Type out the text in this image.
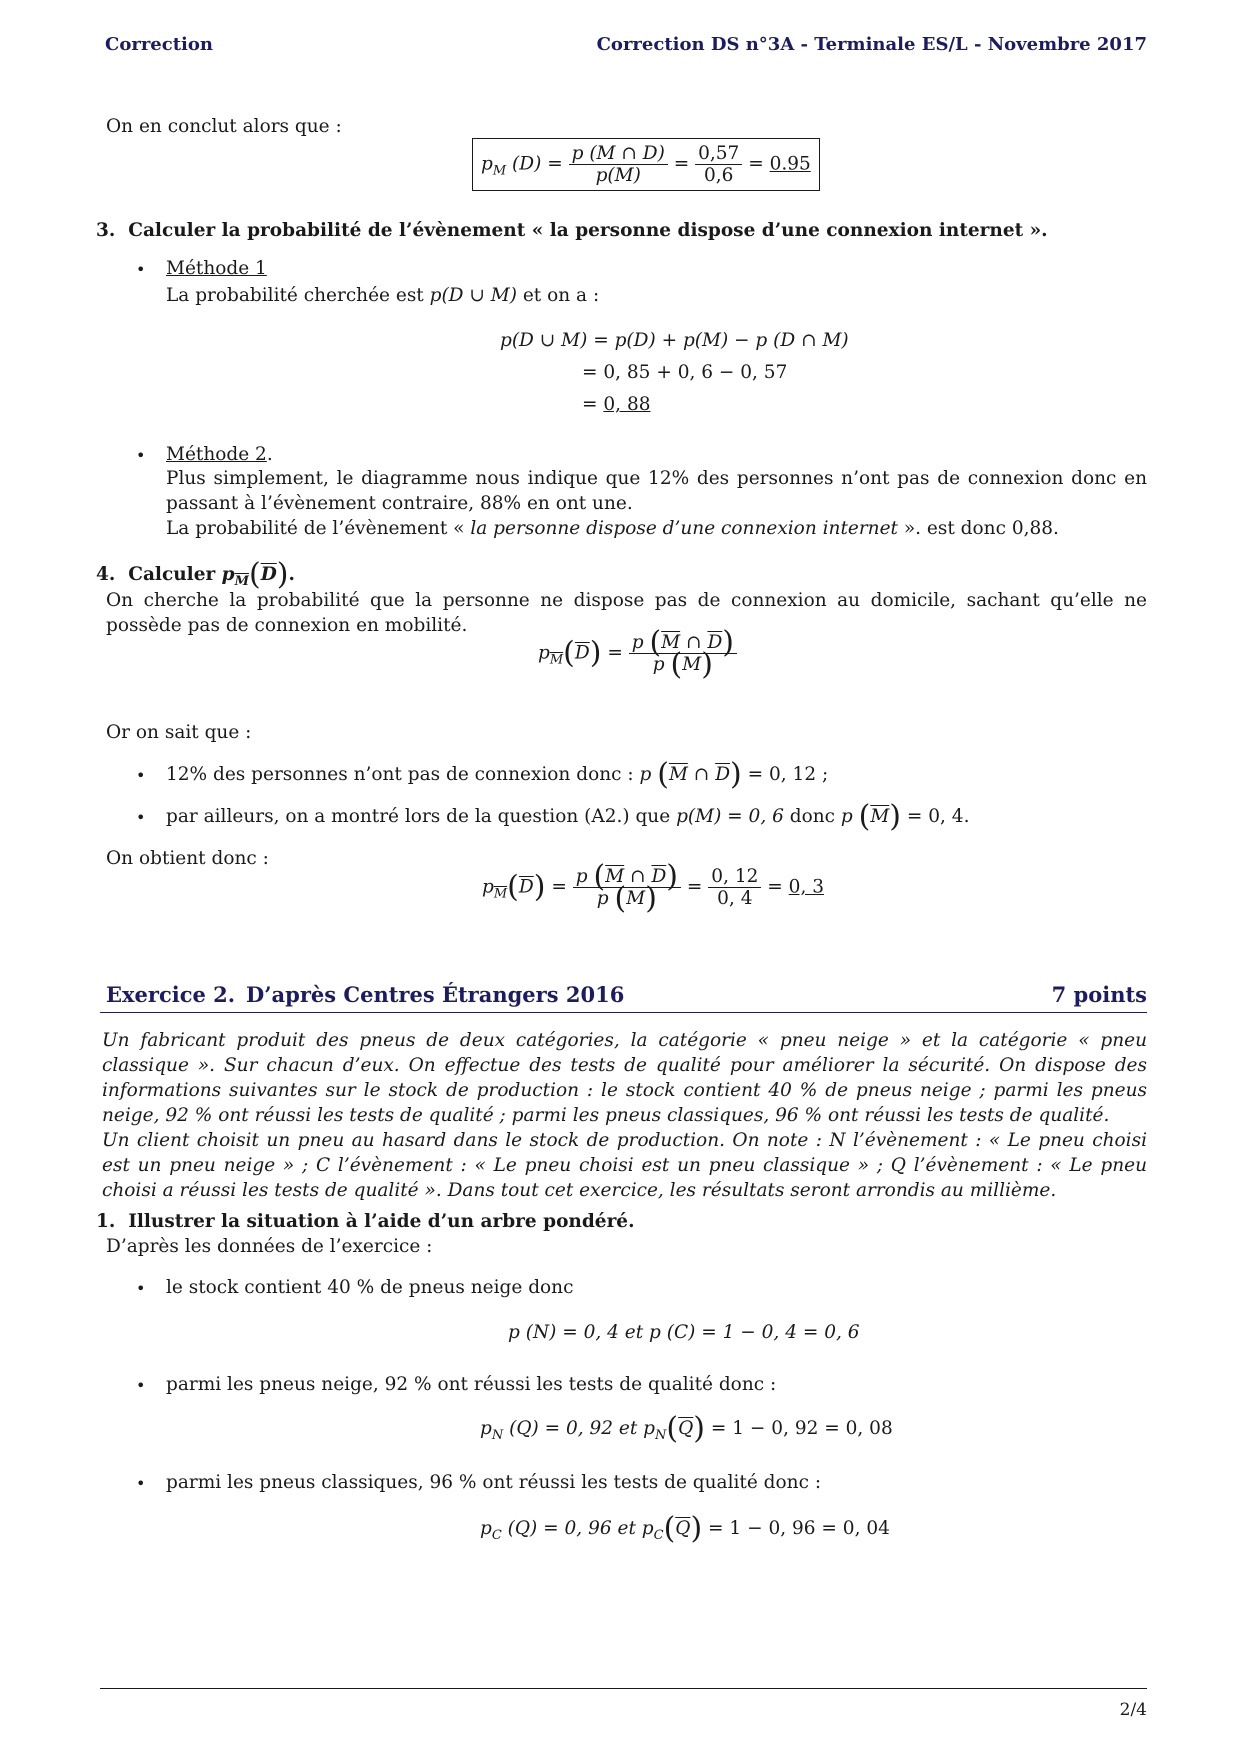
Correction	Correction DS n°3A - Terminale ES/L - Novembre 2017
On en conclut alors que :
$p_M$ $(D) = \frac{p (M \cap D)}{p(M)} = \frac{0,57}{0,6} = 0.95$
3. Calculer la probabilité de l’évènement « la personne dispose d’une connexion internet ».
• Méthode 1
La probabilité cherchée est p(D ∪ M) et on a :
p(D ∪ M) = p(D) + p(M) − p (D ∩ M)
= 0, 85 + 0, 6 − 0, 57
= 0, 88
• Méthode 2.
Plus simplement, le diagramme nous indique que 12% des personnes n’ont pas de connexion donc en passant à l’évènement contraire, 88% en ont une.
La probabilité de l’évènement « la personne dispose d’une connexion internet ». est donc 0,88.
4. Calculer $p_{\overline{M}}(\overline{D})$.
On cherche la probabilité que la personne ne dispose pas de connexion au domicile, sachant qu’elle ne possède pas de connexion en mobilité.
$p_{\overline{M}}(\overline{D}) = \frac{p (\overline{M} \cap \overline{D})}{p (\overline{M})}$
Or on sait que :
• 12% des personnes n’ont pas de connexion donc : p ($\overline{M}$ ∩ $\overline{D}) = 0$, 12 ;
• par ailleurs, on a montré lors de la question (A2.) que p(M) = 0, 6 donc p $(\overline{M}) = 0$, 4.
On obtient donc :
$p_{\overline{M}}(\overline{D}) = \frac{p (\overline{M} \cap \overline{D})}{p (\overline{M})} = \frac{0, 12}{0, 4} = 0$, 3
Exercice 2. D’après Centres Étrangers 2016	7 points
Un fabricant produit des pneus de deux catégories, la catégorie « pneu neige » et la catégorie « pneu classique ». Sur chacun d’eux. On effectue des tests de qualité pour améliorer la sécurité. On dispose des informations suivantes sur le stock de production : le stock contient 40 % de pneus neige ; parmi les pneus neige, 92 % ont réussi les tests de qualité ; parmi les pneus classiques, 96 % ont réussi les tests de qualité.
Un client choisit un pneu au hasard dans le stock de production. On note : N l’évènement : « Le pneu choisi est un pneu neige » ; C l’évènement : « Le pneu choisi est un pneu classique » ; Q l’évènement : « Le pneu choisi a réussi les tests de qualité ». Dans tout cet exercice, les résultats seront arrondis au millième.
1. Illustrer la situation à l’aide d’un arbre pondéré.
D’après les données de l’exercice :
• le stock contient 40 % de pneus neige donc
p (N) = 0, 4 et p (C) = 1 − 0, 4 = 0, 6
• parmi les pneus neige, 92 % ont réussi les tests de qualité donc :
$p_N$ (Q) = 0, 92 et $p_N(\overline{Q}) = 1 - 0$, 92 = 0, 08
• parmi les pneus classiques, 96 % ont réussi les tests de qualité donc :
$p_C$ (Q) = 0, 96 et $p_C(\overline{Q}) = 1 - 0$, 96 = 0, 04
2/4
